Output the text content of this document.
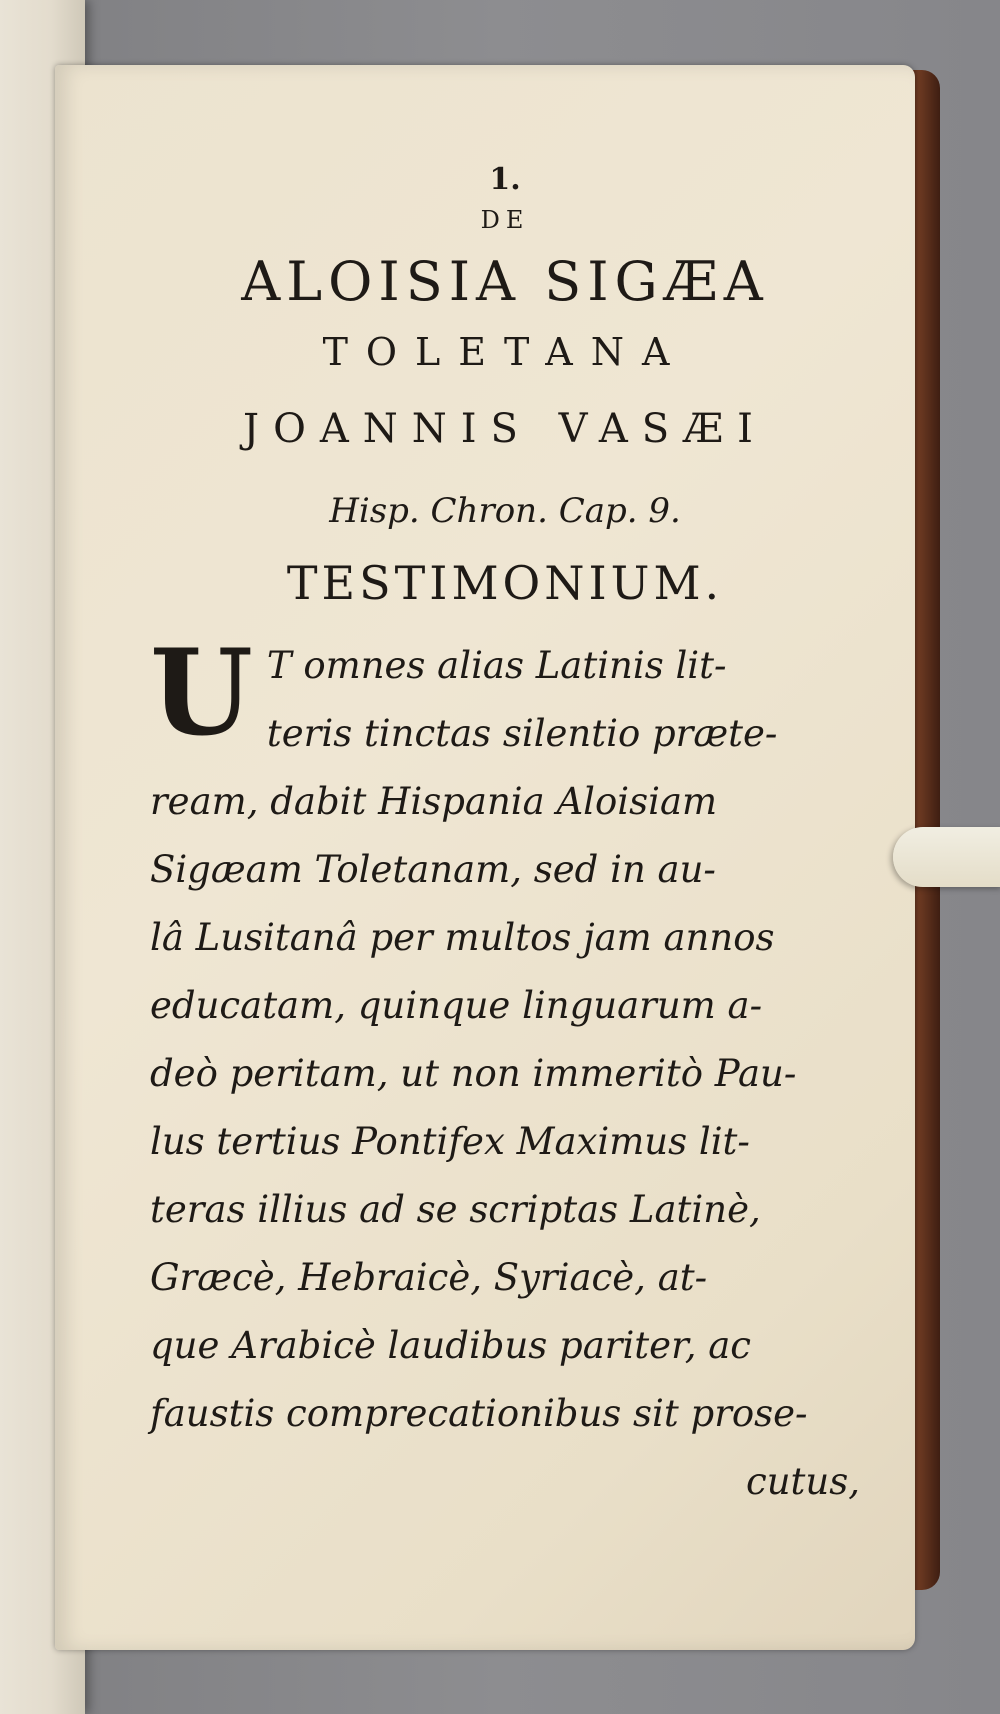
1.

DE

ALOISIA SIGÆA

TOLETANA

JOANNIS VASÆI

Hisp. Chron. Cap. 9.

TESTIMONIUM.

U T omnes alias Latinis lit-
teris tinctas silentio præte-
ream, dabit Hispania Aloisiam
Sigæam Toletanam, sed in au-
lâ Lusitanâ per multos jam annos
educatam, quinque linguarum a-
deò peritam, ut non immeritò Pau-
lus tertius Pontifex Maximus lit-
teras illius ad se scriptas Latinè,
Græcè, Hebraicè, Syriacè, at-
que Arabicè laudibus pariter, ac
faustis comprecationibus sit prose-
cutus,
